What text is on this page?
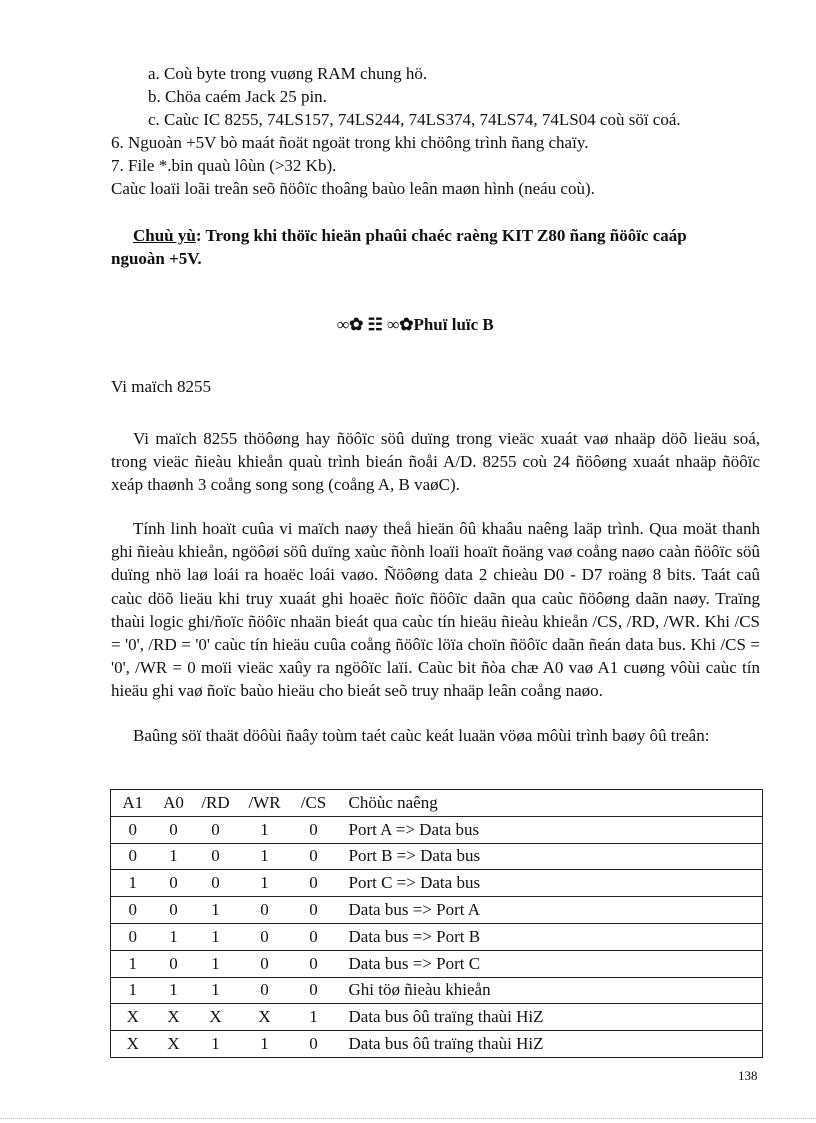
a. Coù byte trong vuøng RAM chung hö.
b. Chöa caém Jack 25 pin.
c. Caùc IC 8255, 74LS157, 74LS244, 74LS374, 74LS74, 74LS04 coù söï coá.
6. Nguoàn +5V bò maát ñoät ngoät trong khi chöông trình ñang chaïy.
7. File *.bin quaù lôùn (>32 Kb).
Caùc loaïi loãi treân seõ ñöôïc thoâng baùo leân maøn hình (neáu coù).
Chuù yù: Trong khi thöïc hieän phaûi chaéc raèng KIT Z80 ñang ñöôïc caáp
nguoàn +5V.
∞✿ ☷ ∞✿Phuï luïc B
Vi maïch 8255

Vi maïch 8255 thöôøng hay ñöôïc söû duïng trong vieäc xuaát vaø nhaäp döõ lieäu soá, trong vieäc ñieàu khieån quaù trình bieán ñoåi A/D. 8255 coù 24 ñöôøng xuaát nhaäp ñöôïc xeáp thaønh 3 coång song song (coång A, B vaøC).

Tính linh hoaït cuûa vi maïch naøy theå hieän ôû khaâu naêng laäp trình. Qua moät thanh ghi ñieàu khieån, ngöôøi söû duïng xaùc ñònh loaïi hoaït ñoäng vaø coång naøo caàn ñöôïc söû duïng nhö laø loái ra hoaëc loái vaøo. Ñöôøng data 2 chieàu D0 - D7 roäng 8 bits. Taát caû caùc döõ lieäu khi truy xuaát ghi hoaëc ñoïc ñöôïc daãn qua caùc ñöôøng daãn naøy. Traïng thaùi logic ghi/ñoïc ñöôïc nhaän bieát qua caùc tín hieäu ñieàu khieån /CS, /RD, /WR. Khi /CS = '0', /RD = '0' caùc tín hieäu cuûa coång ñöôïc löïa choïn ñöôïc daãn ñeán data bus. Khi /CS = '0', /WR = 0 moïi vieäc xaûy ra ngöôïc laïi. Caùc bit ñòa chæ A0 vaø A1 cuøng vôùi caùc tín hieäu ghi vaø ñoïc baùo hieäu cho bieát seõ truy nhaäp leân coång naøo.

Baûng söï thaät döôùi ñaây toùm taét caùc keát luaän vöøa môùi trình baøy ôû treân:

A1	A0	/RD	/WR	/CS	Chöùc naêng
0	0	0	1	0	Port A => Data bus
0	1	0	1	0	Port B => Data bus
1	0	0	1	0	Port C => Data bus
0	0	1	0	0	Data bus => Port A
0	1	1	0	0	Data bus => Port B
1	0	1	0	0	Data bus => Port C
1	1	1	0	0	Ghi töø ñieàu khieån
X	X	X	X	1	Data bus ôû traïng thaùi HiZ
X	X	1	1	0	Data bus ôû traïng thaùi HiZ
138
